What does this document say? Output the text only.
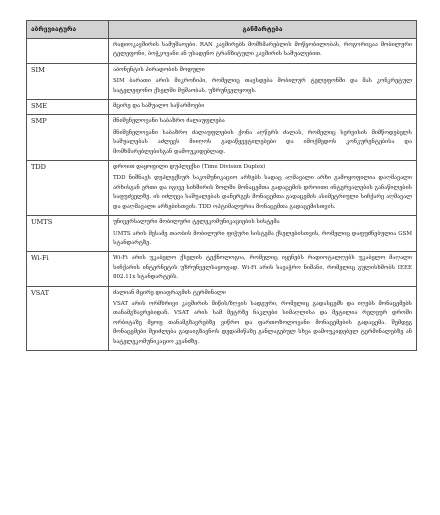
აბრევიატურა	განმარტება

	რადიოკავშირის სამუშაოები. RAN კავშირებს მომხმარებლის მოწყობილობას, როგორიცაა მობილური ტელეფონი, ბოჭკოვანი ან უსადენო ტრანზიტული კავშირის საშუალებით.

SIM	აბონენტის პირადობის მოდული

SIM ბარათი არის მიკროჩიპი, რომელიც თავსდება მობილურ ტელეფონში და მას კონკრეტულ სატელეფონო ქსელში მუშაობას. უზრუნველყოფს.

SME	მცირე და საშუალო საწარმოები

SMP	მნიშვნელოვანი საბაზრო ძალაუფლება

მნიშვნელოვანი საბაზრო ძალაუფლების ქონა აღწერს ძალას, რომელიც სერვისის მიმწოდებელს საშუალებას აძლევს მიიღოს გადაწყვეტილებები და იმოქმედოს კონკურენტებისა და მომხმარებლებისგან დამოუკიდებლად.

TDD	დროით დაყოფილი დუპლექსი (Time Division Duplex)

TDD ნიშნავს დუპლექსურ საკომუნიკაციო არხებს სადაც აღმავალი არხი გამოყოფილია დაღმავალი არხისგან ერთი და იგივე სიხშირის ზოლში მონაცემთა გადაცემის დროითი ინტერვალების განაწილების საფუძველზე. ის იძლევა საშუალებას დანერგეს მონაცემთა გადაცემის ასიმეტრიული სიჩქარე აღმავალ და დაღმავალი არხებისთვის. TDD ოპტიმალურია მონაცემთა გადაცემისთვის.

UMTS	უნივერსალური მობილური ტელეკომუნიკაციების სისტემა

UMTS არის მესამე თაობის მობილური ფიჭური სისტემა ქსელებისთვის, რომელიც დაფუძნებულია GSM სტანდარტზე.

Wi-Fi	Wi-Fi არის უკაბელო ქსელის ტექნოლოგია, რომელიც იყენებს რადიოტალღებს უკაბელო მაღალი სიჩქარის ინტერნეტის უზრუნველსაყოფად. Wi-Fi არის სავაჭრო ნიშანი, რომელიც გულისხმობს IEEE 802.11x სტანდარტებს.

VSAT	ძალიან მცირე დიაფრაგმის ტერმინალი

VSAT არის ორმხრივი კავშირის მიწის/ზღვის სადგური, რომელიც გადასცემს და იღებს მონაცემებს თანამგზავრებიდან. VSAT არის სამ მეტრზე ნაკლები სიმაღლისა და მეტილია რელეურ დროში ორბიტაზე მყოფ თანამგზავრებზე ვიწრო და ფართოზოლოვანი მონაცემების გადაცემა. შემდეგ მონაცემები შეიძლება გადაიგზავნოს დედამიწაზე განლაგებულ სხვა დამოუკიდებელ ტერმინალებზე ან სატელეკომუნიკაციო კვანძზე.
